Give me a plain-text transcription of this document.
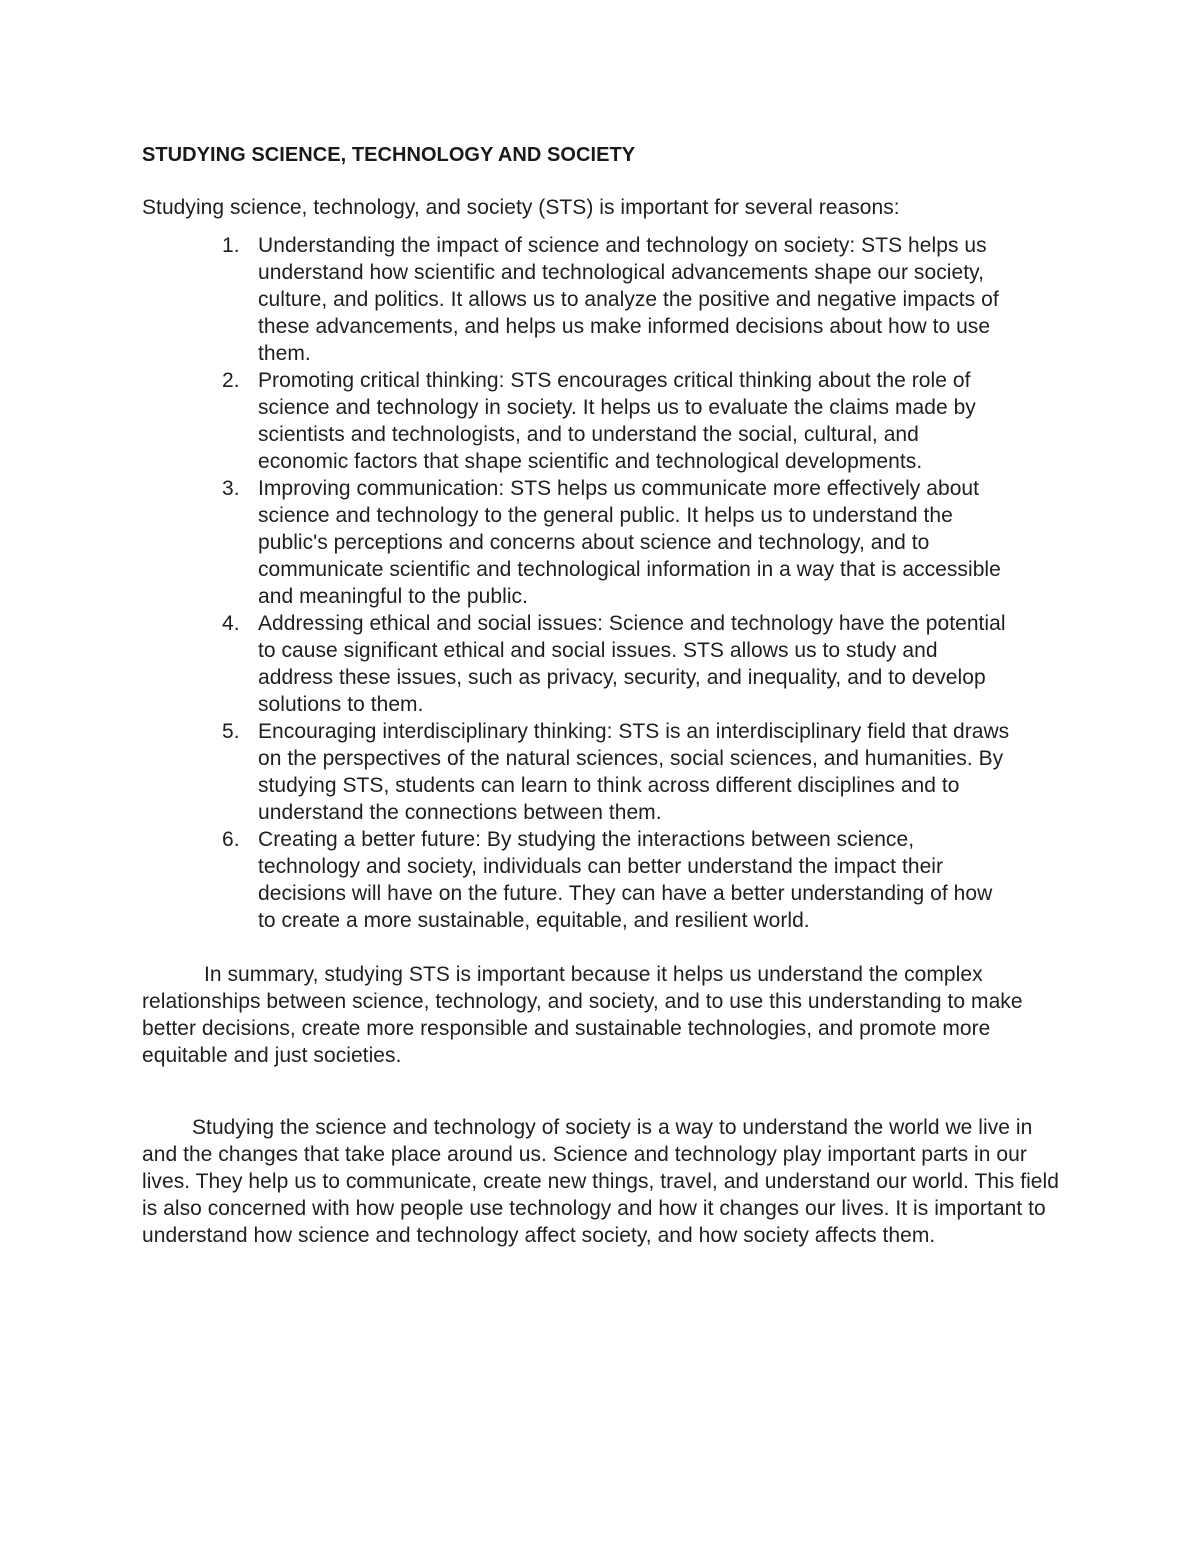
STUDYING SCIENCE, TECHNOLOGY AND SOCIETY

Studying science, technology, and society (STS) is important for several reasons:

1. Understanding the impact of science and technology on society: STS helps us understand how scientific and technological advancements shape our society, culture, and politics. It allows us to analyze the positive and negative impacts of these advancements, and helps us make informed decisions about how to use them.
2. Promoting critical thinking: STS encourages critical thinking about the role of science and technology in society. It helps us to evaluate the claims made by scientists and technologists, and to understand the social, cultural, and economic factors that shape scientific and technological developments.
3. Improving communication: STS helps us communicate more effectively about science and technology to the general public. It helps us to understand the public's perceptions and concerns about science and technology, and to communicate scientific and technological information in a way that is accessible and meaningful to the public.
4. Addressing ethical and social issues: Science and technology have the potential to cause significant ethical and social issues. STS allows us to study and address these issues, such as privacy, security, and inequality, and to develop solutions to them.
5. Encouraging interdisciplinary thinking: STS is an interdisciplinary field that draws on the perspectives of the natural sciences, social sciences, and humanities. By studying STS, students can learn to think across different disciplines and to understand the connections between them.
6. Creating a better future: By studying the interactions between science, technology and society, individuals can better understand the impact their decisions will have on the future. They can have a better understanding of how to create a more sustainable, equitable, and resilient world.

In summary, studying STS is important because it helps us understand the complex relationships between science, technology, and society, and to use this understanding to make better decisions, create more responsible and sustainable technologies, and promote more equitable and just societies.

Studying the science and technology of society is a way to understand the world we live in and the changes that take place around us. Science and technology play important parts in our lives. They help us to communicate, create new things, travel, and understand our world. This field is also concerned with how people use technology and how it changes our lives. It is important to understand how science and technology affect society, and how society affects them.
